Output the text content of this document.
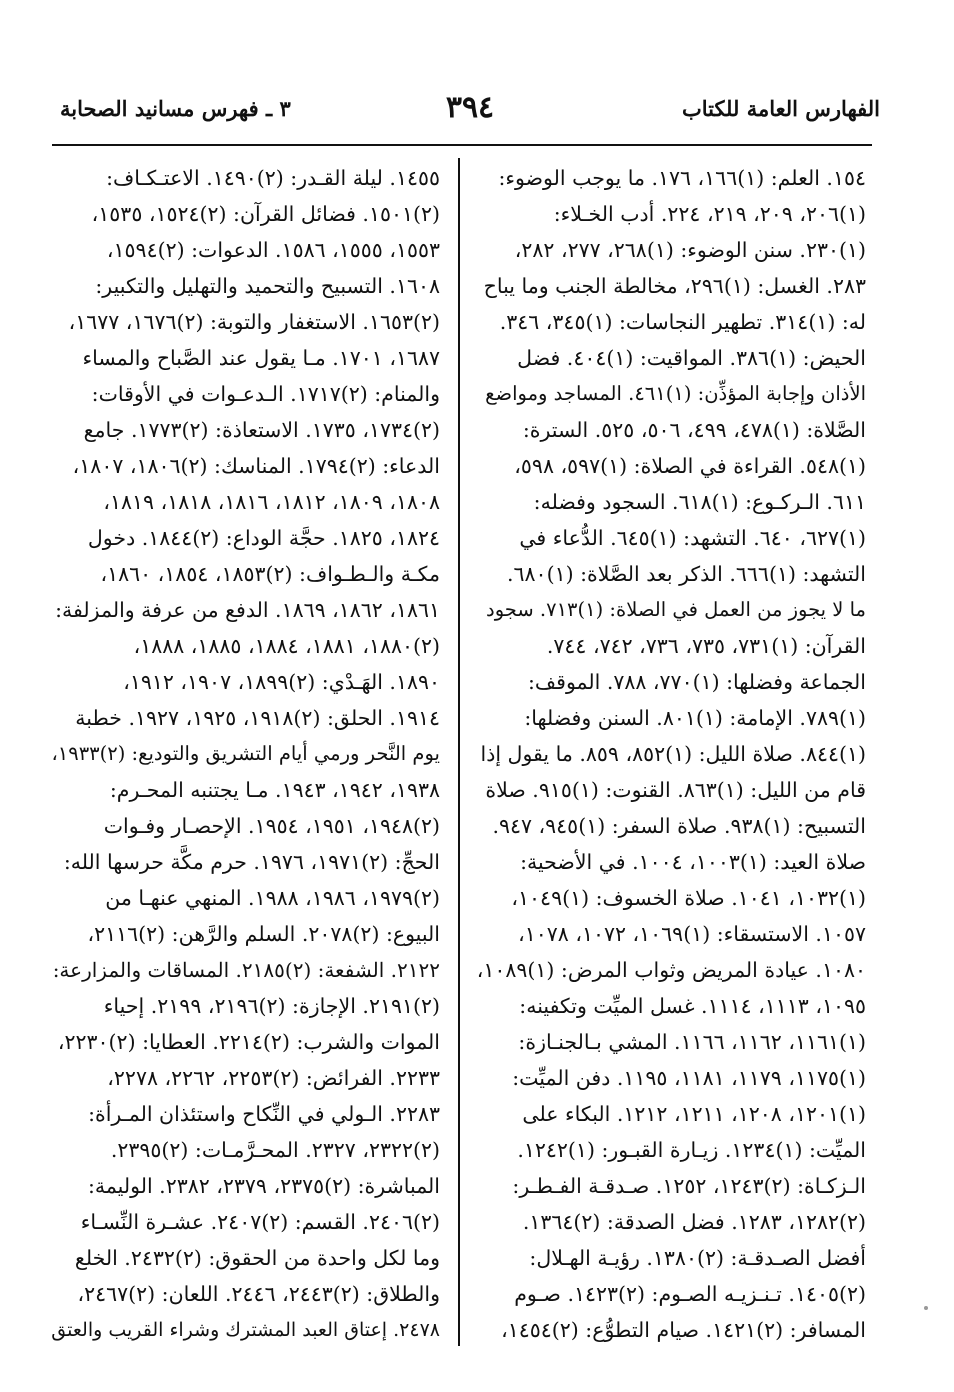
الفهارس العامة للكتاب
٣٩٤
٣ ـ فهرس مسانيد الصحابة
١٥٤. العلم: (١)١٦٦، ١٧٦. ما يوجب الوضوء:
(١)٢٠٦، ٢٠٩، ٢١٩، ٢٢٤. أدب الخـلاء:
(١)٢٣٠. سنن الوضوء: (١)٢٦٨، ٢٧٧، ٢٨٢،
٢٨٣. الغسل: (١)٢٩٦، مخالطة الجنب وما يباح
له: (١)٣١٤. تطهير النجاسات: (١)٣٤٥، ٣٤٦.
الحيض: (١)٣٨٦. المواقيت: (١)٤٠٤. فضل
الأذان وإجابة المؤذِّن: (١)٤٦١. المساجد ومواضع
الصَّلاة: (١)٤٧٨، ٤٩٩، ٥٠٦، ٥٢٥. السترة:
(١)٥٤٨. القراءة في الصلاة: (١)٥٩٧، ٥٩٨،
٦١١. الـركـوع: (١)٦١٨. السجود وفضله:
(١)٦٢٧، ٦٤٠. التشهد: (١)٦٤٥. الدُّعاء في
التشهد: (١)٦٦٦. الذكر بعد الصَّلاة: (١)٦٨٠.
ما لا يجوز من العمل في الصلاة: (١)٧١٣. سجود
القرآن: (١)٧٣١، ٧٣٥، ٧٣٦، ٧٤٢، ٧٤٤.
الجماعة وفضلها: (١)٧٧٠، ٧٨٨. الموقف:
(١)٧٨٩. الإمامة: (١)٨٠١. السنن وفضلها:
(١)٨٤٤. صلاة الليل: (١)٨٥٢، ٨٥٩. ما يقول إذا
قام من الليل: (١)٨٦٣. القنوت: (١)٩١٥. صلاة
التسبيح: (١)٩٣٨. صلاة السفر: (١)٩٤٥، ٩٤٧.
صلاة العيد: (١)١٠٠٣، ١٠٠٤. في الأضحية:
(١)١٠٣٢، ١٠٤١. صلاة الخسوف: (١)١٠٤٩،
١٠٥٧. الاستسقاء: (١)١٠٦٩، ١٠٧٢، ١٠٧٨،
١٠٨٠. عيادة المريض وثواب المرض: (١)١٠٨٩،
١٠٩٥، ١١١٣، ١١١٤. غسل الميِّت وتكفينه:
(١)١١٦١، ١١٦٢، ١١٦٦. المشي بـالجنـازة:
(١)١١٧٥، ١١٧٩، ١١٨١، ١١٩٥. دفن الميِّت:
(١)١٢٠١، ١٢٠٨، ١٢١١، ١٢١٢. البكاء على
الميِّت: (١)١٢٣٤. زيـارة القبـور: (١)١٢٤٢.
الـزكـاة: (٢)١٢٤٣، ١٢٥٢. صـدقـة الفـطـر:
(٢)١٢٨٢، ١٢٨٣. فضل الصدقة: (٢)١٣٦٤.
أفضل الصـدقـة: (٢)١٣٨٠. رؤيـة الهـلال:
(٢)١٤٠٥. تـنـزيـه الصـوم: (٢)١٤٢٣. صـوم
المسافر: (٢)١٤٢١. صيام التطوُّع: (٢)١٤٥٤،
١٤٥٥. ليلة القـدر: (٢)١٤٩٠. الاعتـكـاف:
(٢)١٥٠١. فضائل القرآن: (٢)١٥٢٤، ١٥٣٥،
١٥٥٣، ١٥٥٥، ١٥٨٦. الدعوات: (٢)١٥٩٤،
١٦٠٨. التسبيح والتحميد والتهليل والتكبير:
(٢)١٦٥٣. الاستغفار والتوبة: (٢)١٦٧٦، ١٦٧٧،
١٦٨٧، ١٧٠١. مـا يقول عند الصَّباح والمساء
والمنام: (٢)١٧١٧. الـدعـوات في الأوقات:
(٢)١٧٣٤، ١٧٣٥. الاستعاذة: (٢)١٧٧٣. جامع
الدعاء: (٢)١٧٩٤. المناسك: (٢)١٨٠٦، ١٨٠٧،
١٨٠٨، ١٨٠٩، ١٨١٢، ١٨١٦، ١٨١٨، ١٨١٩،
١٨٢٤، ١٨٢٥. حجَّة الوداع: (٢)١٨٤٤. دخول
مكـة والـطـواف: (٢)١٨٥٣، ١٨٥٤، ١٨٦٠،
١٨٦١، ١٨٦٢، ١٨٦٩. الدفع من عرفة والمزلفة:
(٢)١٨٨٠، ١٨٨١، ١٨٨٤، ١٨٨٥، ١٨٨٨،
١٨٩٠. الهَـدْي: (٢)١٨٩٩، ١٩٠٧، ١٩١٢،
١٩١٤. الحلق: (٢)١٩١٨، ١٩٢٥، ١٩٢٧. خطبة
يوم النَّحر ورمي أيام التشريق والتوديع: (٢)١٩٣٣،
١٩٣٨، ١٩٤٢، ١٩٤٣. مـا يجتنبه المحـرم:
(٢)١٩٤٨، ١٩٥١، ١٩٥٤. الإحصـار وفـوات
الحجِّ: (٢)١٩٧١، ١٩٧٦. حرم مكَّة حرسها الله:
(٢)١٩٧٩، ١٩٨٦، ١٩٨٨. المنهي عنهـا من
البيوع: (٢)٢٠٧٨. السلم والرَّهن: (٢)٢١١٦،
٢١٢٢. الشفعة: (٢)٢١٨٥. المساقات والمزارعة:
(٢)٢١٩١. الإجازة: (٢)٢١٩٦، ٢١٩٩. إحياء
الموات والشرب: (٢)٢٢١٤. العطايا: (٢)٢٢٣٠،
٢٢٣٣. الفرائض: (٢)٢٢٥٣، ٢٢٦٢، ٢٢٧٨،
٢٢٨٣. الـولي في النِّكاح واستئذان المـرأة:
(٢)٢٣٢٢، ٢٣٢٧. المحـرَّمـات: (٢)٢٣٩٥.
المباشرة: (٢)٢٣٧٥، ٢٣٧٩، ٢٣٨٢. الوليمة:
(٢)٢٤٠٦. القسم: (٢)٢٤٠٧. عشـرة النِّسـاء
وما لكل واحدة من الحقوق: (٢)٢٤٣٢. الخلع
والطلاق: (٢)٢٤٤٣، ٢٤٤٦. اللعان: (٢)٢٤٦٧،
٢٤٧٨. إعتاق العبد المشترك وشراء القريب والعتق
